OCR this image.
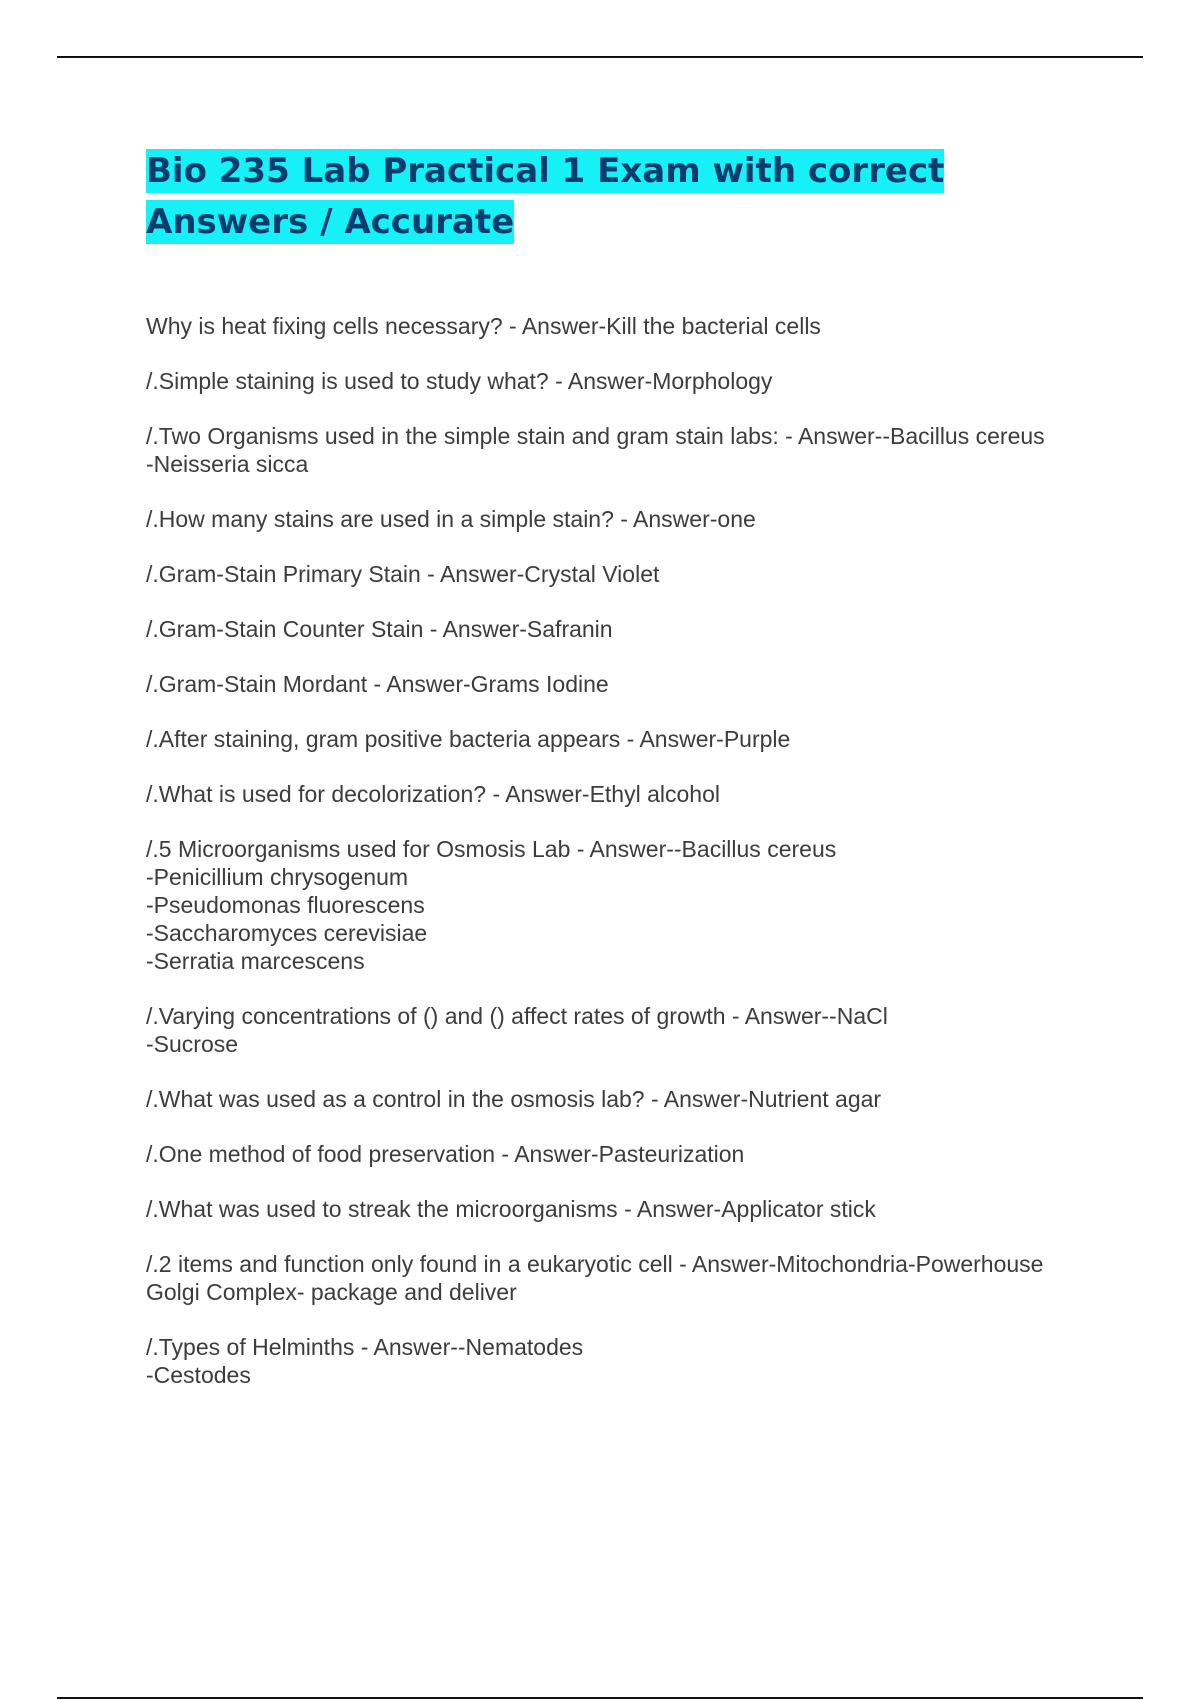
Bio 235 Lab Practical 1 Exam with correct Answers / Accurate

Why is heat fixing cells necessary? - Answer-Kill the bacterial cells

/.Simple staining is used to study what? - Answer-Morphology

/.Two Organisms used in the simple stain and gram stain labs: - Answer--Bacillus cereus
-Neisseria sicca

/.How many stains are used in a simple stain? - Answer-one

/.Gram-Stain Primary Stain - Answer-Crystal Violet

/.Gram-Stain Counter Stain - Answer-Safranin

/.Gram-Stain Mordant - Answer-Grams Iodine

/.After staining, gram positive bacteria appears - Answer-Purple

/.What is used for decolorization? - Answer-Ethyl alcohol

/.5 Microorganisms used for Osmosis Lab - Answer--Bacillus cereus
-Penicillium chrysogenum
-Pseudomonas fluorescens
-Saccharomyces cerevisiae
-Serratia marcescens

/.Varying concentrations of () and () affect rates of growth - Answer--NaCl
-Sucrose

/.What was used as a control in the osmosis lab? - Answer-Nutrient agar

/.One method of food preservation - Answer-Pasteurization

/.What was used to streak the microorganisms - Answer-Applicator stick

/.2 items and function only found in a eukaryotic cell - Answer-Mitochondria-Powerhouse
Golgi Complex- package and deliver

/.Types of Helminths - Answer--Nematodes
-Cestodes
